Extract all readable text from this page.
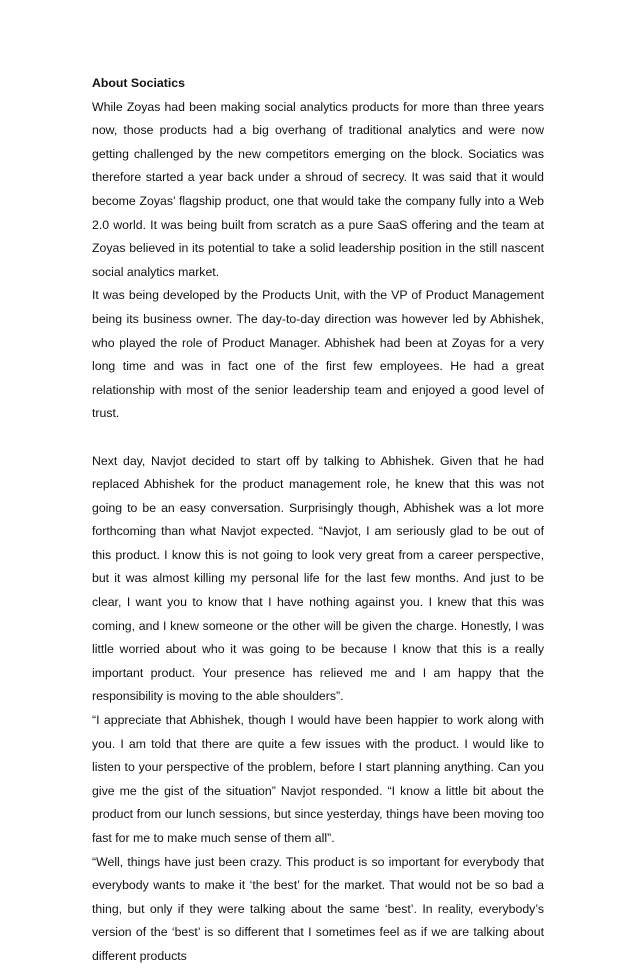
About Sociatics

While Zoyas had been making social analytics products for more than three years now, those products had a big overhang of traditional analytics and were now getting challenged by the new competitors emerging on the block. Sociatics was therefore started a year back under a shroud of secrecy. It was said that it would become Zoyas’ flagship product, one that would take the company fully into a Web 2.0 world. It was being built from scratch as a pure SaaS offering and the team at Zoyas believed in its potential to take a solid leadership position in the still nascent social analytics market.

It was being developed by the Products Unit, with the VP of Product Management being its business owner. The day-to-day direction was however led by Abhishek, who played the role of Product Manager. Abhishek had been at Zoyas for a very long time and was in fact one of the first few employees. He had a great relationship with most of the senior leadership team and enjoyed a good level of trust.

Next day, Navjot decided to start off by talking to Abhishek. Given that he had replaced Abhishek for the product management role, he knew that this was not going to be an easy conversation. Surprisingly though, Abhishek was a lot more forthcoming than what Navjot expected. “Navjot, I am seriously glad to be out of this product. I know this is not going to look very great from a career perspective, but it was almost killing my personal life for the last few months. And just to be clear, I want you to know that I have nothing against you. I knew that this was coming, and I knew someone or the other will be given the charge. Honestly, I was little worried about who it was going to be because I know that this is a really important product. Your presence has relieved me and I am happy that the responsibility is moving to the able shoulders”.

“I appreciate that Abhishek, though I would have been happier to work along with you. I am told that there are quite a few issues with the product. I would like to listen to your perspective of the problem, before I start planning anything. Can you give me the gist of the situation” Navjot responded. “I know a little bit about the product from our lunch sessions, but since yesterday, things have been moving too fast for me to make much sense of them all”.

“Well, things have just been crazy. This product is so important for everybody that everybody wants to make it ‘the best’ for the market. That would not be so bad a thing, but only if they were talking about the same ‘best’. In reality, everybody’s version of the ‘best’ is so different that I sometimes feel as if we are talking about different products
